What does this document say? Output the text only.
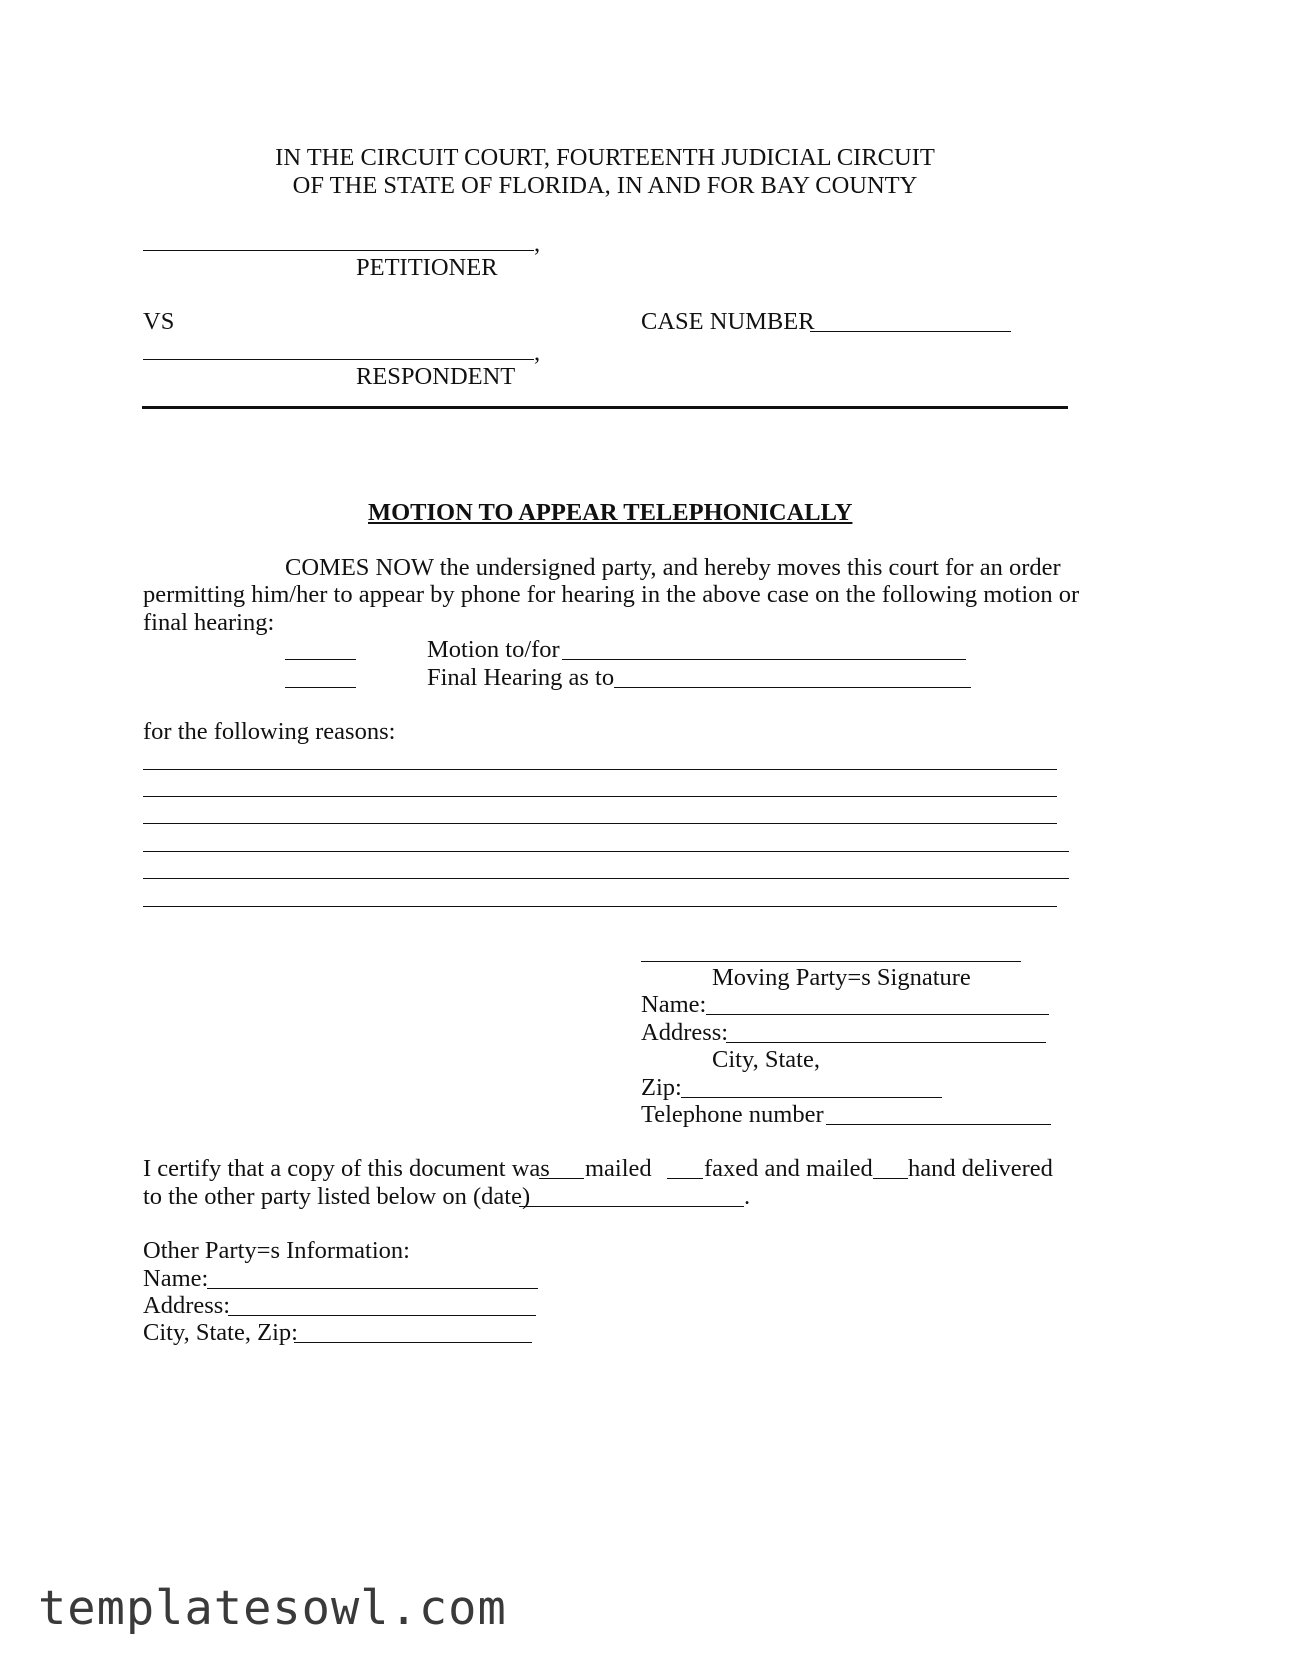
IN THE CIRCUIT COURT, FOURTEENTH JUDICIAL CIRCUIT
OF THE STATE OF FLORIDA, IN AND FOR BAY COUNTY
,
PETITIONER
VS	CASE NUMBER
,
RESPONDENT
MOTION TO APPEAR TELEPHONICALLY
COMES NOW the undersigned party, and hereby moves this court for an order
permitting him/her to appear by phone for hearing in the above case on the following motion or
final hearing:
Motion to/for
Final Hearing as to
for the following reasons:
Moving Party=s Signature
Name:
Address:
City, State,
Zip:
Telephone number
I certify that a copy of this document was mailed faxed and mailed hand delivered
to the other party listed below on (date)	.
Other Party=s Information:
Name:
Address:
City, State, Zip:
templatesowl.com
